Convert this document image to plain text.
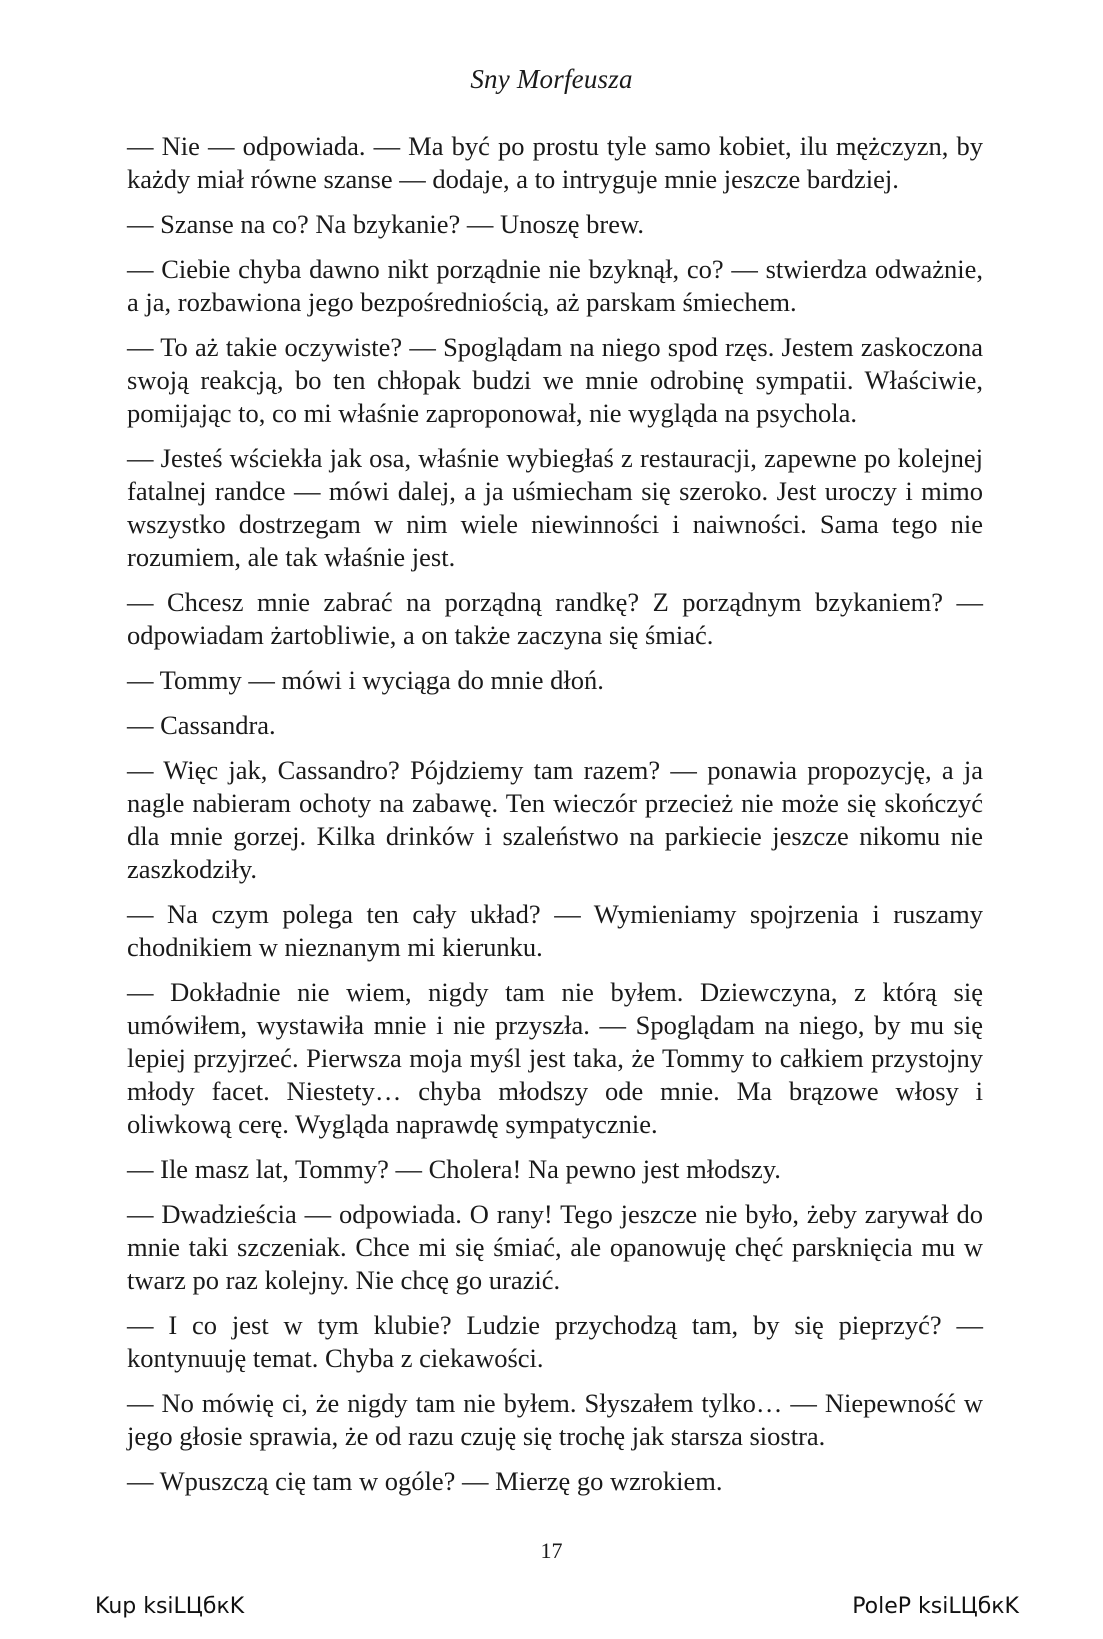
Sny Morfeusza

— Nie — odpowiada. — Ma być po prostu tyle samo kobiet, ilu mężczyzn, by każdy miał równe szanse — dodaje, a to intryguje mnie jeszcze bardziej.

— Szanse na co? Na bzykanie? — Unoszę brew.

— Ciebie chyba dawno nikt porządnie nie bzyknął, co? — stwierdza odważnie, a ja, rozbawiona jego bezpośredniością, aż parskam śmiechem.

— To aż takie oczywiste? — Spoglądam na niego spod rzęs. Jestem zaskoczona swoją reakcją, bo ten chłopak budzi we mnie odrobinę sympatii. Właściwie, pomijając to, co mi właśnie zaproponował, nie wygląda na psychola.

— Jesteś wściekła jak osa, właśnie wybiegłaś z restauracji, zapewne po kolejnej fatalnej randce — mówi dalej, a ja uśmiecham się szeroko. Jest uroczy i mimo wszystko dostrzegam w nim wiele niewinności i naiwności. Sama tego nie rozumiem, ale tak właśnie jest.

— Chcesz mnie zabrać na porządną randkę? Z porządnym bzykaniem? — odpowiadam żartobliwie, a on także zaczyna się śmiać.

— Tommy — mówi i wyciąga do mnie dłoń.

— Cassandra.

— Więc jak, Cassandro? Pójdziemy tam razem? — ponawia propozycję, a ja nagle nabieram ochoty na zabawę. Ten wieczór przecież nie może się skończyć dla mnie gorzej. Kilka drinków i szaleństwo na parkiecie jeszcze nikomu nie zaszkodziły.

— Na czym polega ten cały układ? — Wymieniamy spojrzenia i ruszamy chodnikiem w nieznanym mi kierunku.

— Dokładnie nie wiem, nigdy tam nie byłem. Dziewczyna, z którą się umówiłem, wystawiła mnie i nie przyszła. — Spoglądam na niego, by mu się lepiej przyjrzeć. Pierwsza moja myśl jest taka, że Tommy to całkiem przystojny młody facet. Niestety… chyba młodszy ode mnie. Ma brązowe włosy i oliwkową cerę. Wygląda naprawdę sympatycznie.

— Ile masz lat, Tommy? — Cholera! Na pewno jest młodszy.

— Dwadzieścia — odpowiada. O rany! Tego jeszcze nie było, żeby zarywał do mnie taki szczeniak. Chce mi się śmiać, ale opanowuję chęć parsknięcia mu w twarz po raz kolejny. Nie chcę go urazić.

— I co jest w tym klubie? Ludzie przychodzą tam, by się pieprzyć? — kontynuuję temat. Chyba z ciekawości.

— No mówię ci, że nigdy tam nie byłem. Słyszałem tylko… — Niepewność w jego głosie sprawia, że od razu czuję się trochę jak starsza siostra.

— Wpuszczą cię tam w ogóle? — Mierzę go wzrokiem.

17
Kup ksiLЦбкK	PoleP ksiLЦбкK
